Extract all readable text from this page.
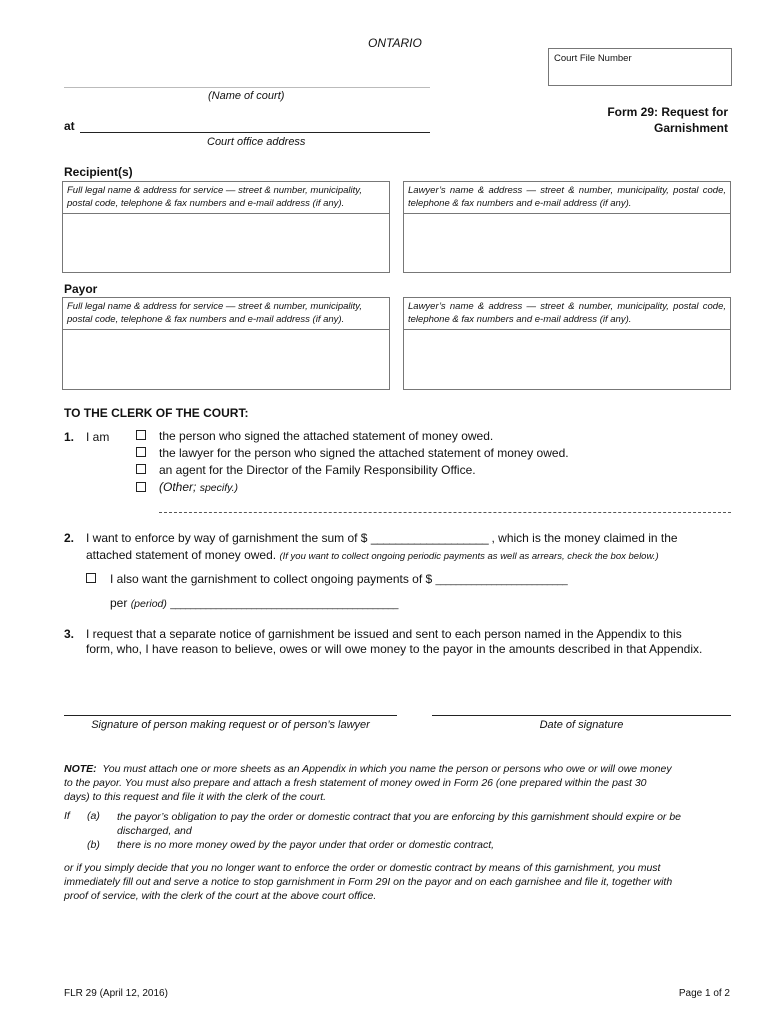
ONTARIO
Court File Number
(Name of court)
at
Court office address
Form 29: Request for
Garnishment
Recipient(s)
Full legal name & address for service — street & number, municipality, postal code, telephone & fax numbers and e-mail address (if any).
Lawyer’s name & address — street & number, municipality, postal code, telephone & fax numbers and e-mail address (if any).
Payor
Full legal name & address for service — street & number, municipality, postal code, telephone & fax numbers and e-mail address (if any).
Lawyer’s name & address — street & number, municipality, postal code, telephone & fax numbers and e-mail address (if any).
TO THE CLERK OF THE COURT:
1. I am	the person who signed the attached statement of money owed.
the lawyer for the person who signed the attached statement of money owed.
an agent for the Director of the Family Responsibility Office.
(Other; specify.)
2. I want to enforce by way of garnishment the sum of $ ___________________ , which is the money claimed in the
attached statement of money owed. (If you want to collect ongoing periodic payments as well as arrears, check the box below.)
I also want the garnishment to collect ongoing payments of $ __________________________
per (period) _____________________________________________
3. I request that a separate notice of garnishment be issued and sent to each person named in the Appendix to this
form, who, I have reason to believe, owes or will owe money to the payor in the amounts described in that Appendix.
Signature of person making request or of person’s lawyer	Date of signature
NOTE: You must attach one or more sheets as an Appendix in which you name the person or persons who owe or will owe money
to the payor. You must also prepare and attach a fresh statement of money owed in Form 26 (one prepared within the past 30
days) to this request and file it with the clerk of the court.
If (a) the payor’s obligation to pay the order or domestic contract that you are enforcing by this garnishment should expire or be
discharged, and
(b) there is no more money owed by the payor under that order or domestic contract,
or if you simply decide that you no longer want to enforce the order or domestic contract by means of this garnishment, you must
immediately fill out and serve a notice to stop garnishment in Form 29I on the payor and on each garnishee and file it, together with
proof of service, with the clerk of the court at the above court office.
FLR 29 (April 12, 2016)	Page 1 of 2
